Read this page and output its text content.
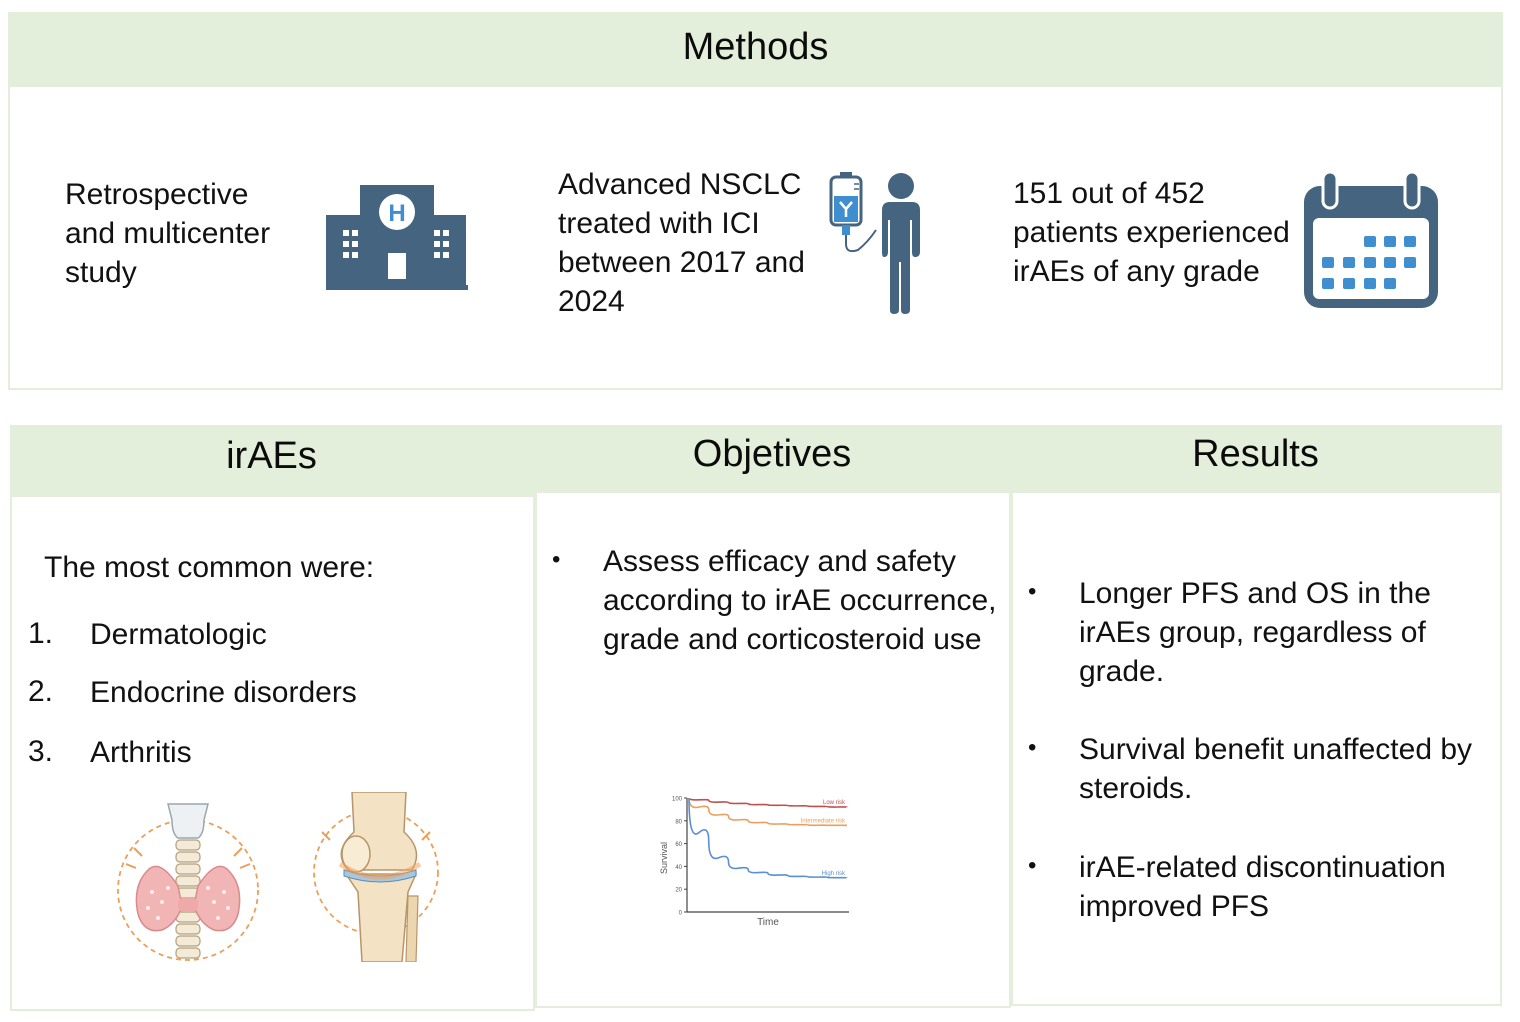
Methods
Retrospective and multicenter study
H
Advanced NSCLC treated with ICI between 2017 and 2024
151 out of 452 patients experienced irAEs of any grade
irAEs
The most common were:
1. Dermatologic
2. Endocrine disorders
3. Arthritis
Objetives
• Assess efficacy and safety according to irAE occurrence, grade and corticosteroid use
100
80
60
40
20
0
Low risk
Intermediate risk
High risk
Time
Survival
Results
• Longer PFS and OS in the irAEs group, regardless of grade.
• Survival benefit unaffected by steroids.
• irAE-related discontinuation improved PFS
